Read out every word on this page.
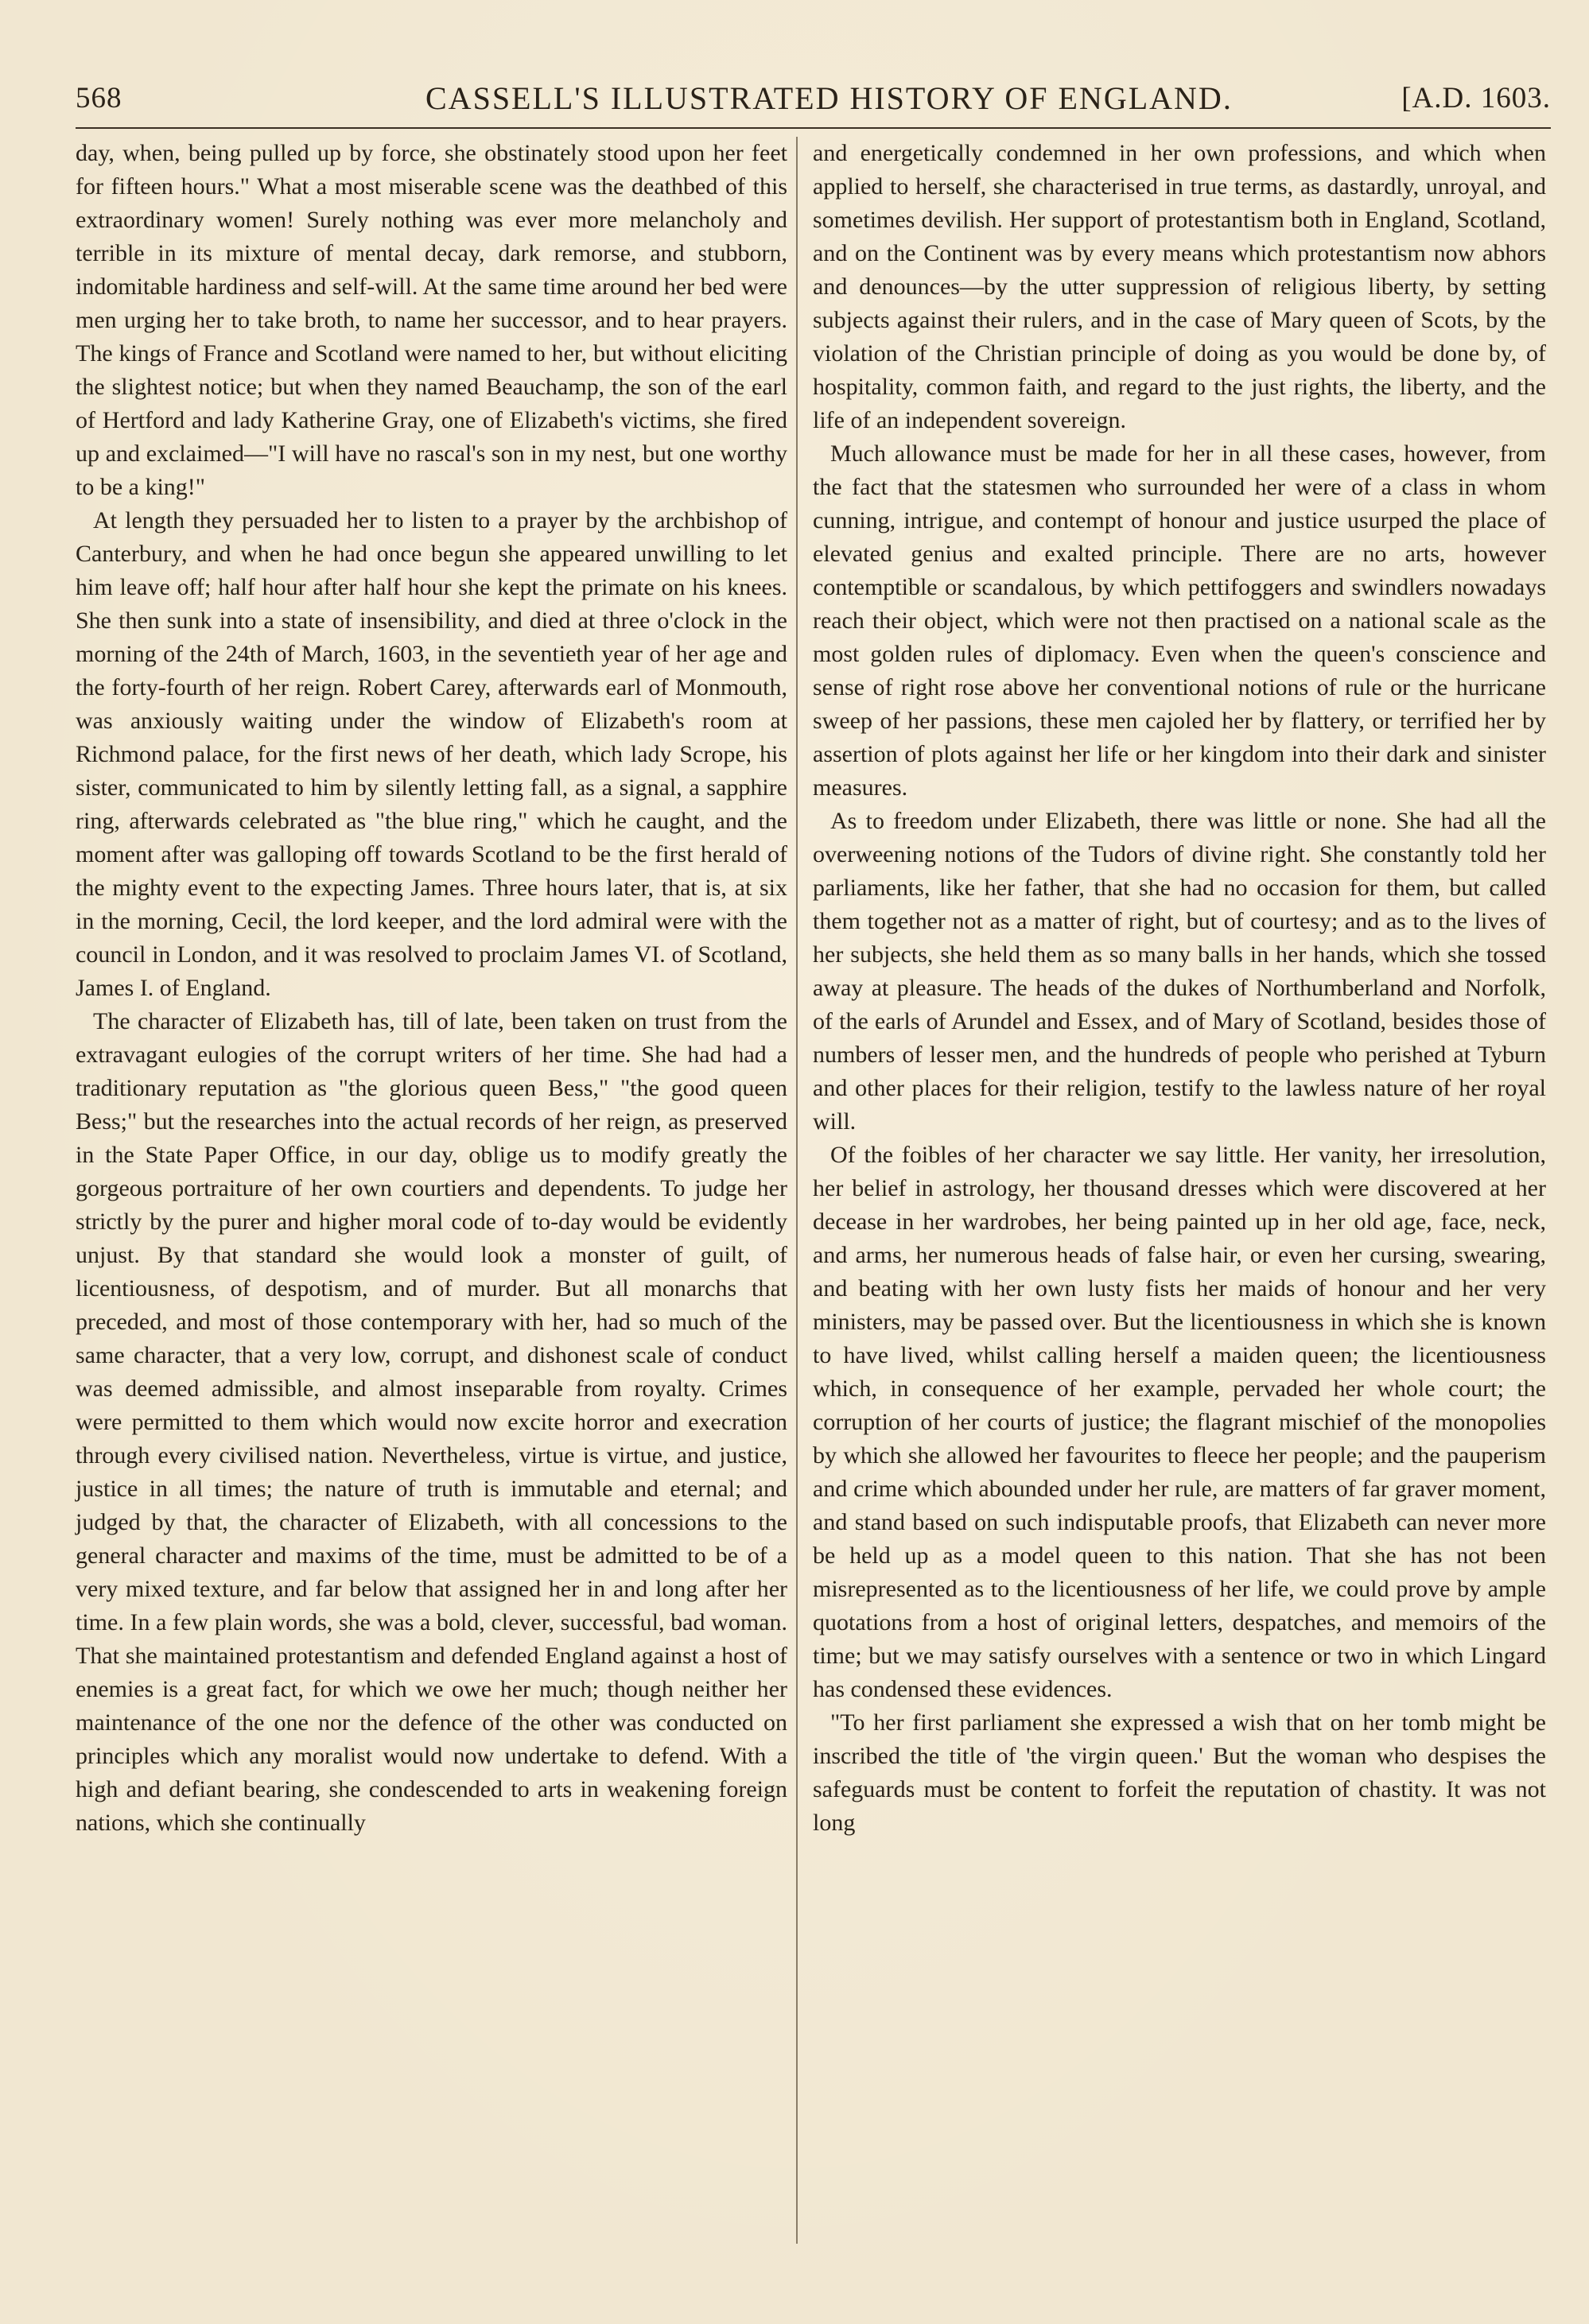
568	CASSELL'S ILLUSTRATED HISTORY OF ENGLAND.	[A.D. 1603.

day, when, being pulled up by force, she obstinately stood upon her feet for fifteen hours." What a most miserable scene was the deathbed of this extraordinary women! Surely nothing was ever more melancholy and terrible in its mixture of mental decay, dark remorse, and stubborn, indomitable hardiness and self-will. At the same time around her bed were men urging her to take broth, to name her successor, and to hear prayers. The kings of France and Scotland were named to her, but without eliciting the slightest notice; but when they named Beauchamp, the son of the earl of Hertford and lady Katherine Gray, one of Elizabeth's victims, she fired up and exclaimed—"I will have no rascal's son in my nest, but one worthy to be a king!"

At length they persuaded her to listen to a prayer by the archbishop of Canterbury, and when he had once begun she appeared unwilling to let him leave off; half hour after half hour she kept the primate on his knees. She then sunk into a state of insensibility, and died at three o'clock in the morning of the 24th of March, 1603, in the seventieth year of her age and the forty-fourth of her reign. Robert Carey, afterwards earl of Monmouth, was anxiously waiting under the window of Elizabeth's room at Richmond palace, for the first news of her death, which lady Scrope, his sister, communicated to him by silently letting fall, as a signal, a sapphire ring, afterwards celebrated as "the blue ring," which he caught, and the moment after was galloping off towards Scotland to be the first herald of the mighty event to the expecting James. Three hours later, that is, at six in the morning, Cecil, the lord keeper, and the lord admiral were with the council in London, and it was resolved to proclaim James VI. of Scotland, James I. of England.

The character of Elizabeth has, till of late, been taken on trust from the extravagant eulogies of the corrupt writers of her time. She had had a traditionary reputation as "the glorious queen Bess," "the good queen Bess;" but the researches into the actual records of her reign, as preserved in the State Paper Office, in our day, oblige us to modify greatly the gorgeous portraiture of her own courtiers and dependents. To judge her strictly by the purer and higher moral code of to-day would be evidently unjust. By that standard she would look a monster of guilt, of licentiousness, of despotism, and of murder. But all monarchs that preceded, and most of those contemporary with her, had so much of the same character, that a very low, corrupt, and dishonest scale of conduct was deemed admissible, and almost inseparable from royalty. Crimes were permitted to them which would now excite horror and execration through every civilised nation. Nevertheless, virtue is virtue, and justice, justice in all times; the nature of truth is immutable and eternal; and judged by that, the character of Elizabeth, with all concessions to the general character and maxims of the time, must be admitted to be of a very mixed texture, and far below that assigned her in and long after her time. In a few plain words, she was a bold, clever, successful, bad woman. That she maintained protestantism and defended England against a host of enemies is a great fact, for which we owe her much; though neither her maintenance of the one nor the defence of the other was conducted on principles which any moralist would now undertake to defend. With a high and defiant bearing, she condescended to arts in weakening foreign nations, which she continually

and energetically condemned in her own professions, and which when applied to herself, she characterised in true terms, as dastardly, unroyal, and sometimes devilish. Her support of protestantism both in England, Scotland, and on the Continent was by every means which protestantism now abhors and denounces—by the utter suppression of religious liberty, by setting subjects against their rulers, and in the case of Mary queen of Scots, by the violation of the Christian principle of doing as you would be done by, of hospitality, common faith, and regard to the just rights, the liberty, and the life of an independent sovereign.

Much allowance must be made for her in all these cases, however, from the fact that the statesmen who surrounded her were of a class in whom cunning, intrigue, and contempt of honour and justice usurped the place of elevated genius and exalted principle. There are no arts, however contemptible or scandalous, by which pettifoggers and swindlers nowadays reach their object, which were not then practised on a national scale as the most golden rules of diplomacy. Even when the queen's conscience and sense of right rose above her conventional notions of rule or the hurricane sweep of her passions, these men cajoled her by flattery, or terrified her by assertion of plots against her life or her kingdom into their dark and sinister measures.

As to freedom under Elizabeth, there was little or none. She had all the overweening notions of the Tudors of divine right. She constantly told her parliaments, like her father, that she had no occasion for them, but called them together not as a matter of right, but of courtesy; and as to the lives of her subjects, she held them as so many balls in her hands, which she tossed away at pleasure. The heads of the dukes of Northumberland and Norfolk, of the earls of Arundel and Essex, and of Mary of Scotland, besides those of numbers of lesser men, and the hundreds of people who perished at Tyburn and other places for their religion, testify to the lawless nature of her royal will.

Of the foibles of her character we say little. Her vanity, her irresolution, her belief in astrology, her thousand dresses which were discovered at her decease in her wardrobes, her being painted up in her old age, face, neck, and arms, her numerous heads of false hair, or even her cursing, swearing, and beating with her own lusty fists her maids of honour and her very ministers, may be passed over. But the licentiousness in which she is known to have lived, whilst calling herself a maiden queen; the licentiousness which, in consequence of her example, pervaded her whole court; the corruption of her courts of justice; the flagrant mischief of the monopolies by which she allowed her favourites to fleece her people; and the pauperism and crime which abounded under her rule, are matters of far graver moment, and stand based on such indisputable proofs, that Elizabeth can never more be held up as a model queen to this nation. That she has not been misrepresented as to the licentiousness of her life, we could prove by ample quotations from a host of original letters, despatches, and memoirs of the time; but we may satisfy ourselves with a sentence or two in which Lingard has condensed these evidences.

"To her first parliament she expressed a wish that on her tomb might be inscribed the title of 'the virgin queen.' But the woman who despises the safeguards must be content to forfeit the reputation of chastity. It was not long
